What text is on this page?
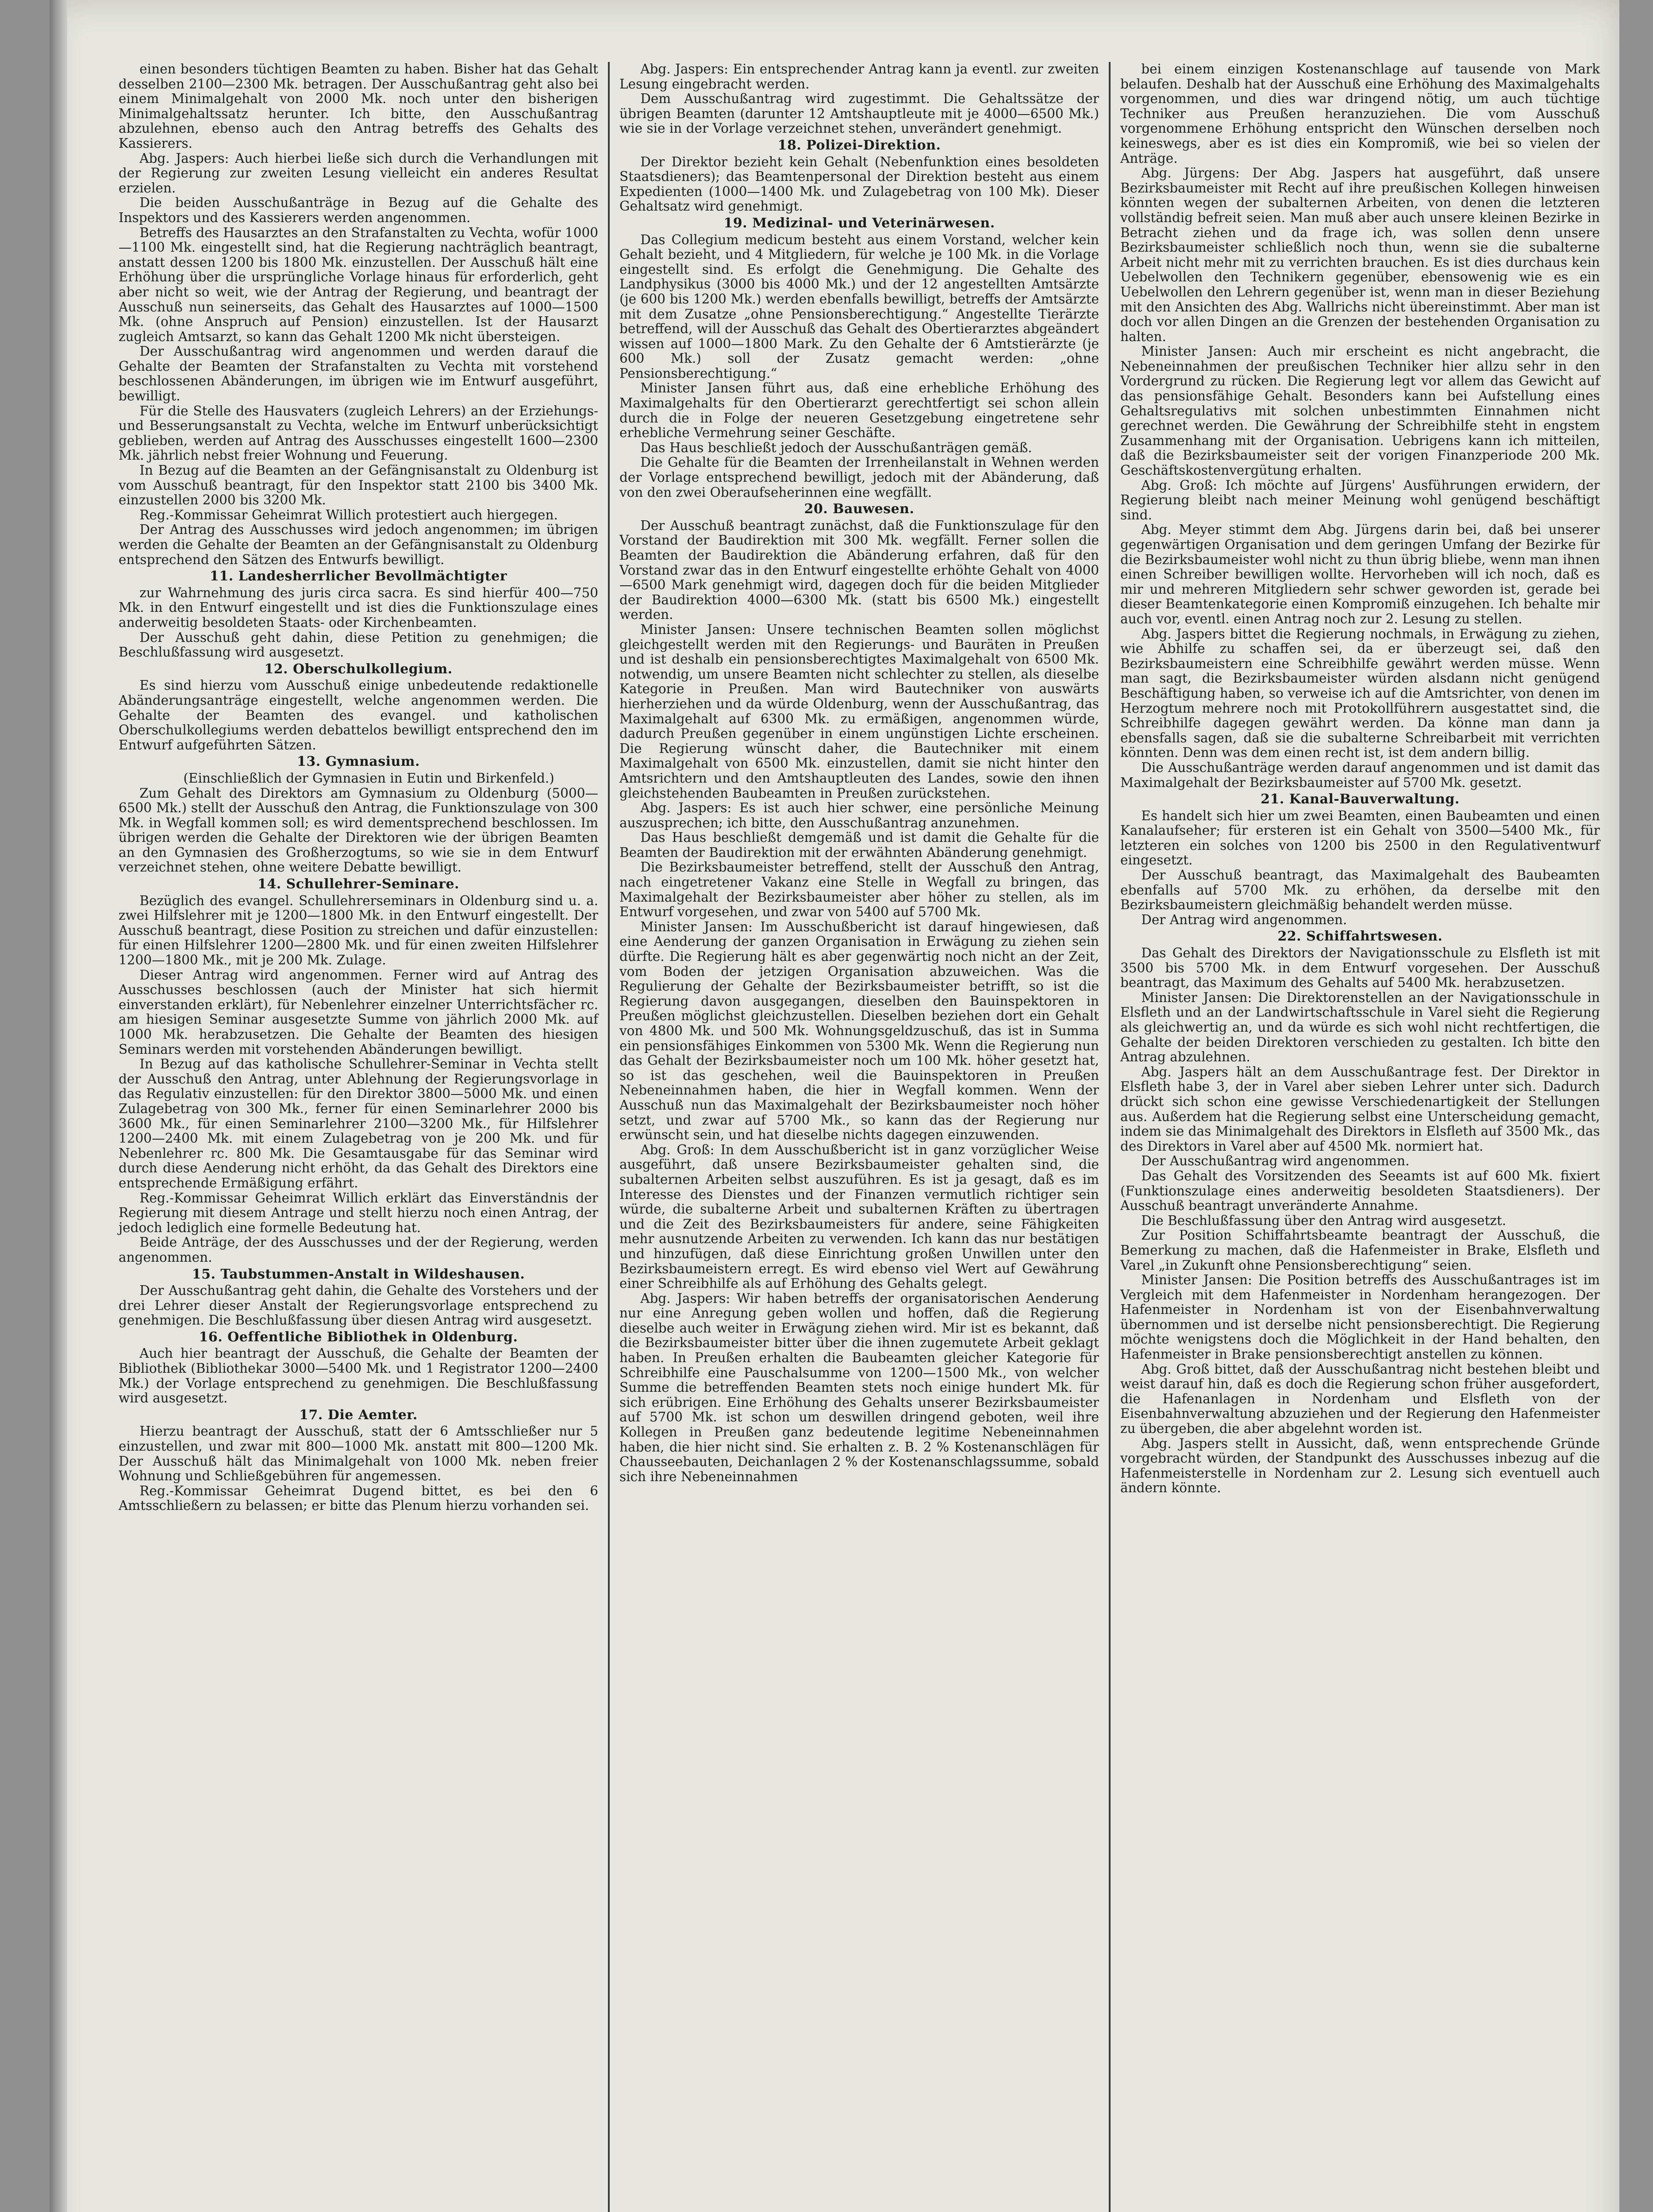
einen besonders tüchtigen Beamten zu haben. Bisher hat das Gehalt desselben 2100—2300 Mk. betragen. Der Ausschußantrag geht also bei einem Minimalgehalt von 2000 Mk. noch unter den bisherigen Minimalgehaltssatz herunter. Ich bitte, den Ausschußantrag abzulehnen, ebenso auch den Antrag betreffs des Gehalts des Kassierers.

Abg. Jaspers: Auch hierbei ließe sich durch die Verhandlungen mit der Regierung zur zweiten Lesung vielleicht ein anderes Resultat erzielen.

Die beiden Ausschußanträge in Bezug auf die Gehalte des Inspektors und des Kassierers werden angenommen.

Betreffs des Hausarztes an den Strafanstalten zu Vechta, wofür 1000—1100 Mk. eingestellt sind, hat die Regierung nachträglich beantragt, anstatt dessen 1200 bis 1800 Mk. einzustellen. Der Ausschuß hält eine Erhöhung über die ursprüngliche Vorlage hinaus für erforderlich, geht aber nicht so weit, wie der Antrag der Regierung, und beantragt der Ausschuß nun seinerseits, das Gehalt des Hausarztes auf 1000—1500 Mk. (ohne Anspruch auf Pension) einzustellen. Ist der Hausarzt zugleich Amtsarzt, so kann das Gehalt 1200 Mk nicht übersteigen.

Der Ausschußantrag wird angenommen und werden darauf die Gehalte der Beamten der Strafanstalten zu Vechta mit vorstehend beschlossenen Abänderungen, im übrigen wie im Entwurf ausgeführt, bewilligt.

Für die Stelle des Hausvaters (zugleich Lehrers) an der Erziehungs- und Besserungsanstalt zu Vechta, welche im Entwurf unberücksichtigt geblieben, werden auf Antrag des Ausschusses eingestellt 1600—2300 Mk. jährlich nebst freier Wohnung und Feuerung.

In Bezug auf die Beamten an der Gefängnisanstalt zu Oldenburg ist vom Ausschuß beantragt, für den Inspektor statt 2100 bis 3400 Mk. einzustellen 2000 bis 3200 Mk.

Reg.-Kommissar Geheimrat Willich protestiert auch hiergegen.

Der Antrag des Ausschusses wird jedoch angenommen; im übrigen werden die Gehalte der Beamten an der Gefängnisanstalt zu Oldenburg entsprechend den Sätzen des Entwurfs bewilligt.

11. Landesherrlicher Bevollmächtigter

zur Wahrnehmung des juris circa sacra. Es sind hierfür 400—750 Mk. in den Entwurf eingestellt und ist dies die Funktionszulage eines anderweitig besoldeten Staats- oder Kirchenbeamten.

Der Ausschuß geht dahin, diese Petition zu genehmigen; die Beschlußfassung wird ausgesetzt.

12. Oberschulkollegium.

Es sind hierzu vom Ausschuß einige unbedeutende redaktionelle Abänderungsanträge eingestellt, welche angenommen werden. Die Gehalte der Beamten des evangel. und katholischen Oberschulkollegiums werden debattelos bewilligt entsprechend den im Entwurf aufgeführten Sätzen.

13. Gymnasium.

(Einschließlich der Gymnasien in Eutin und Birkenfeld.)

Zum Gehalt des Direktors am Gymnasium zu Oldenburg (5000—6500 Mk.) stellt der Ausschuß den Antrag, die Funktionszulage von 300 Mk. in Wegfall kommen soll; es wird dementsprechend beschlossen. Im übrigen werden die Gehalte der Direktoren wie der übrigen Beamten an den Gymnasien des Großherzogtums, so wie sie in dem Entwurf verzeichnet stehen, ohne weitere Debatte bewilligt.

14. Schullehrer-Seminare.

Bezüglich des evangel. Schullehrerseminars in Oldenburg sind u. a. zwei Hilfslehrer mit je 1200—1800 Mk. in den Entwurf eingestellt. Der Ausschuß beantragt, diese Position zu streichen und dafür einzustellen: für einen Hilfslehrer 1200—2800 Mk. und für einen zweiten Hilfslehrer 1200—1800 Mk., mit je 200 Mk. Zulage.

Dieser Antrag wird angenommen. Ferner wird auf Antrag des Ausschusses beschlossen (auch der Minister hat sich hiermit einverstanden erklärt), für Nebenlehrer einzelner Unterrichtsfächer rc. am hiesigen Seminar ausgesetzte Summe von jährlich 2000 Mk. auf 1000 Mk. herabzusetzen. Die Gehalte der Beamten des hiesigen Seminars werden mit vorstehenden Abänderungen bewilligt.

In Bezug auf das katholische Schullehrer-Seminar in Vechta stellt der Ausschuß den Antrag, unter Ablehnung der Regierungsvorlage in das Regulativ einzustellen: für den Direktor 3800—5000 Mk. und einen Zulagebetrag von 300 Mk., ferner für einen Seminarlehrer 2000 bis 3600 Mk., für einen Seminarlehrer 2100—3200 Mk., für Hilfslehrer 1200—2400 Mk. mit einem Zulagebetrag von je 200 Mk. und für Nebenlehrer rc. 800 Mk. Die Gesamtausgabe für das Seminar wird durch diese Aenderung nicht erhöht, da das Gehalt des Direktors eine entsprechende Ermäßigung erfährt.

Reg.-Kommissar Geheimrat Willich erklärt das Einverständnis der Regierung mit diesem Antrage und stellt hierzu noch einen Antrag, der jedoch lediglich eine formelle Bedeutung hat.

Beide Anträge, der des Ausschusses und der der Regierung, werden angenommen.

15. Taubstummen-Anstalt in Wildeshausen.

Der Ausschußantrag geht dahin, die Gehalte des Vorstehers und der drei Lehrer dieser Anstalt der Regierungsvorlage entsprechend zu genehmigen. Die Beschlußfassung über diesen Antrag wird ausgesetzt.

16. Oeffentliche Bibliothek in Oldenburg.

Auch hier beantragt der Ausschuß, die Gehalte der Beamten der Bibliothek (Bibliothekar 3000—5400 Mk. und 1 Registrator 1200—2400 Mk.) der Vorlage entsprechend zu genehmigen. Die Beschlußfassung wird ausgesetzt.

17. Die Aemter.

Hierzu beantragt der Ausschuß, statt der 6 Amtsschließer nur 5 einzustellen, und zwar mit 800—1000 Mk. anstatt mit 800—1200 Mk. Der Ausschuß hält das Minimalgehalt von 1000 Mk. neben freier Wohnung und Schließgebühren für angemessen.

Reg.-Kommissar Geheimrat Dugend bittet, es bei den 6 Amtsschließern zu belassen; er bitte das Plenum hierzu vorhanden sei.

Abg. Jaspers: Ein entsprechender Antrag kann ja eventl. zur zweiten Lesung eingebracht werden.

Dem Ausschußantrag wird zugestimmt. Die Gehaltssätze der übrigen Beamten (darunter 12 Amtshauptleute mit je 4000—6500 Mk.) wie sie in der Vorlage verzeichnet stehen, unverändert genehmigt.

18. Polizei-Direktion.

Der Direktor bezieht kein Gehalt (Nebenfunktion eines besoldeten Staatsdieners); das Beamtenpersonal der Direktion besteht aus einem Expedienten (1000—1400 Mk. und Zulagebetrag von 100 Mk). Dieser Gehaltsatz wird genehmigt.

19. Medizinal- und Veterinärwesen.

Das Collegium medicum besteht aus einem Vorstand, welcher kein Gehalt bezieht, und 4 Mitgliedern, für welche je 100 Mk. in die Vorlage eingestellt sind. Es erfolgt die Genehmigung. Die Gehalte des Landphysikus (3000 bis 4000 Mk.) und der 12 angestellten Amtsärzte (je 600 bis 1200 Mk.) werden ebenfalls bewilligt, betreffs der Amtsärzte mit dem Zusatze „ohne Pensionsberechtigung.“ Angestellte Tierärzte betreffend, will der Ausschuß das Gehalt des Obertierarztes abgeändert wissen auf 1000—1800 Mark. Zu den Gehalte der 6 Amtstierärzte (je 600 Mk.) soll der Zusatz gemacht werden: „ohne Pensionsberechtigung.“

Minister Jansen führt aus, daß eine erhebliche Erhöhung des Maximalgehalts für den Obertierarzt gerechtfertigt sei schon allein durch die in Folge der neueren Gesetzgebung eingetretene sehr erhebliche Vermehrung seiner Geschäfte.

Das Haus beschließt jedoch der Ausschußanträgen gemäß.

Die Gehalte für die Beamten der Irrenheilanstalt in Wehnen werden der Vorlage entsprechend bewilligt, jedoch mit der Abänderung, daß von den zwei Oberaufseherinnen eine wegfällt.

20. Bauwesen.

Der Ausschuß beantragt zunächst, daß die Funktionszulage für den Vorstand der Baudirektion mit 300 Mk. wegfällt. Ferner sollen die Beamten der Baudirektion die Abänderung erfahren, daß für den Vorstand zwar das in den Entwurf eingestellte erhöhte Gehalt von 4000—6500 Mark genehmigt wird, dagegen doch für die beiden Mitglieder der Baudirektion 4000—6300 Mk. (statt bis 6500 Mk.) eingestellt werden.

Minister Jansen: Unsere technischen Beamten sollen möglichst gleichgestellt werden mit den Regierungs- und Bauräten in Preußen und ist deshalb ein pensionsberechtigtes Maximalgehalt von 6500 Mk. notwendig, um unsere Beamten nicht schlechter zu stellen, als dieselbe Kategorie in Preußen. Man wird Bautechniker von auswärts hierherziehen und da würde Oldenburg, wenn der Ausschußantrag, das Maximalgehalt auf 6300 Mk. zu ermäßigen, angenommen würde, dadurch Preußen gegenüber in einem ungünstigen Lichte erscheinen. Die Regierung wünscht daher, die Bautechniker mit einem Maximalgehalt von 6500 Mk. einzustellen, damit sie nicht hinter den Amtsrichtern und den Amtshauptleuten des Landes, sowie den ihnen gleichstehenden Baubeamten in Preußen zurückstehen.

Abg. Jaspers: Es ist auch hier schwer, eine persönliche Meinung auszusprechen; ich bitte, den Ausschußantrag anzunehmen.

Das Haus beschließt demgemäß und ist damit die Gehalte für die Beamten der Baudirektion mit der erwähnten Abänderung genehmigt.

Die Bezirksbaumeister betreffend, stellt der Ausschuß den Antrag, nach eingetretener Vakanz eine Stelle in Wegfall zu bringen, das Maximalgehalt der Bezirksbaumeister aber höher zu stellen, als im Entwurf vorgesehen, und zwar von 5400 auf 5700 Mk.

Minister Jansen: Im Ausschußbericht ist darauf hingewiesen, daß eine Aenderung der ganzen Organisation in Erwägung zu ziehen sein dürfte. Die Regierung hält es aber gegenwärtig noch nicht an der Zeit, vom Boden der jetzigen Organisation abzuweichen. Was die Regulierung der Gehalte der Bezirksbaumeister betrifft, so ist die Regierung davon ausgegangen, dieselben den Bauinspektoren in Preußen möglichst gleichzustellen. Dieselben beziehen dort ein Gehalt von 4800 Mk. und 500 Mk. Wohnungsgeldzuschuß, das ist in Summa ein pensionsfähiges Einkommen von 5300 Mk. Wenn die Regierung nun das Gehalt der Bezirksbaumeister noch um 100 Mk. höher gesetzt hat, so ist das geschehen, weil die Bauinspektoren in Preußen Nebeneinnahmen haben, die hier in Wegfall kommen. Wenn der Ausschuß nun das Maximalgehalt der Bezirksbaumeister noch höher setzt, und zwar auf 5700 Mk., so kann das der Regierung nur erwünscht sein, und hat dieselbe nichts dagegen einzuwenden.

Abg. Groß: In dem Ausschußbericht ist in ganz vorzüglicher Weise ausgeführt, daß unsere Bezirksbaumeister gehalten sind, die subalternen Arbeiten selbst auszuführen. Es ist ja gesagt, daß es im Interesse des Dienstes und der Finanzen vermutlich richtiger sein würde, die subalterne Arbeit und subalternen Kräften zu übertragen und die Zeit des Bezirksbaumeisters für andere, seine Fähigkeiten mehr ausnutzende Arbeiten zu verwenden. Ich kann das nur bestätigen und hinzufügen, daß diese Einrichtung großen Unwillen unter den Bezirksbaumeistern erregt. Es wird ebenso viel Wert auf Gewährung einer Schreibhilfe als auf Erhöhung des Gehalts gelegt.

Abg. Jaspers: Wir haben betreffs der organisatorischen Aenderung nur eine Anregung geben wollen und hoffen, daß die Regierung dieselbe auch weiter in Erwägung ziehen wird. Mir ist es bekannt, daß die Bezirksbaumeister bitter über die ihnen zugemutete Arbeit geklagt haben. In Preußen erhalten die Baubeamten gleicher Kategorie für Schreibhilfe eine Pauschalsumme von 1200—1500 Mk., von welcher Summe die betreffenden Beamten stets noch einige hundert Mk. für sich erübrigen. Eine Erhöhung des Gehalts unserer Bezirksbaumeister auf 5700 Mk. ist schon um deswillen dringend geboten, weil ihre Kollegen in Preußen ganz bedeutende legitime Nebeneinnahmen haben, die hier nicht sind. Sie erhalten z. B. 2 % Kostenanschlägen für Chausseebauten, Deichanlagen 2 % der Kostenanschlagssumme, sobald sich ihre Nebeneinnahmen

bei einem einzigen Kostenanschlage auf tausende von Mark belaufen. Deshalb hat der Ausschuß eine Erhöhung des Maximalgehalts vorgenommen, und dies war dringend nötig, um auch tüchtige Techniker aus Preußen heranzuziehen. Die vom Ausschuß vorgenommene Erhöhung entspricht den Wünschen derselben noch keineswegs, aber es ist dies ein Kompromiß, wie bei so vielen der Anträge.

Abg. Jürgens: Der Abg. Jaspers hat ausgeführt, daß unsere Bezirksbaumeister mit Recht auf ihre preußischen Kollegen hinweisen könnten wegen der subalternen Arbeiten, von denen die letzteren vollständig befreit seien. Man muß aber auch unsere kleinen Bezirke in Betracht ziehen und da frage ich, was sollen denn unsere Bezirksbaumeister schließlich noch thun, wenn sie die subalterne Arbeit nicht mehr mit zu verrichten brauchen. Es ist dies durchaus kein Uebelwollen den Technikern gegenüber, ebensowenig wie es ein Uebelwollen den Lehrern gegenüber ist, wenn man in dieser Beziehung mit den Ansichten des Abg. Wallrichs nicht übereinstimmt. Aber man ist doch vor allen Dingen an die Grenzen der bestehenden Organisation zu halten.

Minister Jansen: Auch mir erscheint es nicht angebracht, die Nebeneinnahmen der preußischen Techniker hier allzu sehr in den Vordergrund zu rücken. Die Regierung legt vor allem das Gewicht auf das pensionsfähige Gehalt. Besonders kann bei Aufstellung eines Gehaltsregulativs mit solchen unbestimmten Einnahmen nicht gerechnet werden. Die Gewährung der Schreibhilfe steht in engstem Zusammenhang mit der Organisation. Uebrigens kann ich mitteilen, daß die Bezirksbaumeister seit der vorigen Finanzperiode 200 Mk. Geschäftskostenvergütung erhalten.

Abg. Groß: Ich möchte auf Jürgens' Ausführungen erwidern, der Regierung bleibt nach meiner Meinung wohl genügend beschäftigt sind.

Abg. Meyer stimmt dem Abg. Jürgens darin bei, daß bei unserer gegenwärtigen Organisation und dem geringen Umfang der Bezirke für die Bezirksbaumeister wohl nicht zu thun übrig bliebe, wenn man ihnen einen Schreiber bewilligen wollte. Hervorheben will ich noch, daß es mir und mehreren Mitgliedern sehr schwer geworden ist, gerade bei dieser Beamtenkategorie einen Kompromiß einzugehen. Ich behalte mir auch vor, eventl. einen Antrag noch zur 2. Lesung zu stellen.

Abg. Jaspers bittet die Regierung nochmals, in Erwägung zu ziehen, wie Abhilfe zu schaffen sei, da er überzeugt sei, daß den Bezirksbaumeistern eine Schreibhilfe gewährt werden müsse. Wenn man sagt, die Bezirksbaumeister würden alsdann nicht genügend Beschäftigung haben, so verweise ich auf die Amtsrichter, von denen im Herzogtum mehrere noch mit Protokollführern ausgestattet sind, die Schreibhilfe dagegen gewährt werden. Da könne man dann ja ebensfalls sagen, daß sie die subalterne Schreibarbeit mit verrichten könnten. Denn was dem einen recht ist, ist dem andern billig.

Die Ausschußanträge werden darauf angenommen und ist damit das Maximalgehalt der Bezirksbaumeister auf 5700 Mk. gesetzt.

21. Kanal-Bauverwaltung.

Es handelt sich hier um zwei Beamten, einen Baubeamten und einen Kanalaufseher; für ersteren ist ein Gehalt von 3500—5400 Mk., für letzteren ein solches von 1200 bis 2500 in den Regulativentwurf eingesetzt.

Der Ausschuß beantragt, das Maximalgehalt des Baubeamten ebenfalls auf 5700 Mk. zu erhöhen, da derselbe mit den Bezirksbaumeistern gleichmäßig behandelt werden müsse.

Der Antrag wird angenommen.

22. Schiffahrtswesen.

Das Gehalt des Direktors der Navigationsschule zu Elsfleth ist mit 3500 bis 5700 Mk. in dem Entwurf vorgesehen. Der Ausschuß beantragt, das Maximum des Gehalts auf 5400 Mk. herabzusetzen.

Minister Jansen: Die Direktorenstellen an der Navigationsschule in Elsfleth und an der Landwirtschaftsschule in Varel sieht die Regierung als gleichwertig an, und da würde es sich wohl nicht rechtfertigen, die Gehalte der beiden Direktoren verschieden zu gestalten. Ich bitte den Antrag abzulehnen.

Abg. Jaspers hält an dem Ausschußantrage fest. Der Direktor in Elsfleth habe 3, der in Varel aber sieben Lehrer unter sich. Dadurch drückt sich schon eine gewisse Verschiedenartigkeit der Stellungen aus. Außerdem hat die Regierung selbst eine Unterscheidung gemacht, indem sie das Minimalgehalt des Direktors in Elsfleth auf 3500 Mk., das des Direktors in Varel aber auf 4500 Mk. normiert hat.

Der Ausschußantrag wird angenommen.

Das Gehalt des Vorsitzenden des Seeamts ist auf 600 Mk. fixiert (Funktionszulage eines anderweitig besoldeten Staatsdieners). Der Ausschuß beantragt unveränderte Annahme.

Die Beschlußfassung über den Antrag wird ausgesetzt.

Zur Position Schiffahrtsbeamte beantragt der Ausschuß, die Bemerkung zu machen, daß die Hafenmeister in Brake, Elsfleth und Varel „in Zukunft ohne Pensionsberechtigung“ seien.

Minister Jansen: Die Position betreffs des Ausschußantrages ist im Vergleich mit dem Hafenmeister in Nordenham herangezogen. Der Hafenmeister in Nordenham ist von der Eisenbahnverwaltung übernommen und ist derselbe nicht pensionsberechtigt. Die Regierung möchte wenigstens doch die Möglichkeit in der Hand behalten, den Hafenmeister in Brake pensionsberechtigt anstellen zu können.

Abg. Groß bittet, daß der Ausschußantrag nicht bestehen bleibt und weist darauf hin, daß es doch die Regierung schon früher ausgefordert, die Hafenanlagen in Nordenham und Elsfleth von der Eisenbahnverwaltung abzuziehen und der Regierung den Hafenmeister zu übergeben, die aber abgelehnt worden ist.

Abg. Jaspers stellt in Aussicht, daß, wenn entsprechende Gründe vorgebracht würden, der Standpunkt des Ausschusses inbezug auf die Hafenmeisterstelle in Nordenham zur 2. Lesung sich eventuell auch ändern könnte.
